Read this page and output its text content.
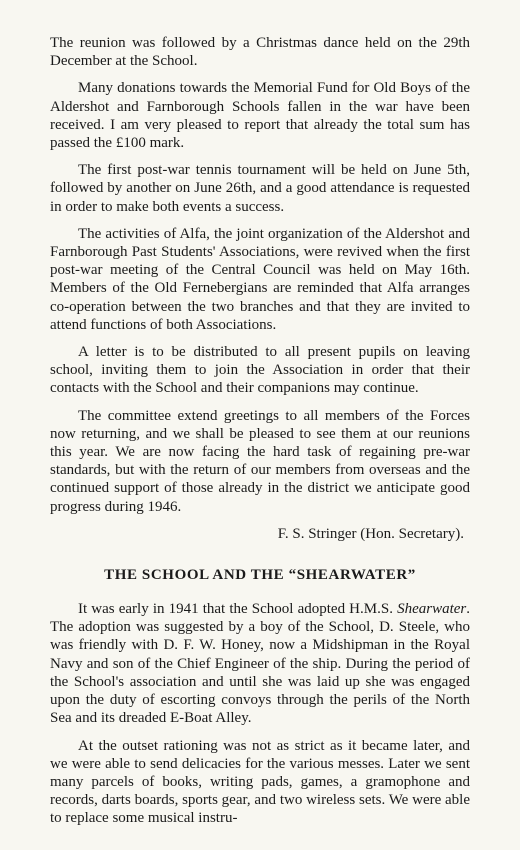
The reunion was followed by a Christmas dance held on the 29th December at the School.

Many donations towards the Memorial Fund for Old Boys of the Aldershot and Farnborough Schools fallen in the war have been received. I am very pleased to report that already the total sum has passed the £100 mark.

The first post-war tennis tournament will be held on June 5th, followed by another on June 26th, and a good attendance is requested in order to make both events a success.

The activities of Alfa, the joint organization of the Aldershot and Farnborough Past Students' Associations, were revived when the first post-war meeting of the Central Council was held on May 16th. Members of the Old Fernebergians are reminded that Alfa arranges co-operation between the two branches and that they are invited to attend functions of both Associations.

A letter is to be distributed to all present pupils on leaving school, inviting them to join the Association in order that their contacts with the School and their companions may continue.

The committee extend greetings to all members of the Forces now returning, and we shall be pleased to see them at our reunions this year. We are now facing the hard task of regaining pre-war standards, but with the return of our members from overseas and the continued support of those already in the district we anticipate good progress during 1946.

F. S. Stringer (Hon. Secretary).

THE SCHOOL AND THE “SHEARWATER”

It was early in 1941 that the School adopted H.M.S. Shearwater. The adoption was suggested by a boy of the School, D. Steele, who was friendly with D. F. W. Honey, now a Midshipman in the Royal Navy and son of the Chief Engineer of the ship. During the period of the School's association and until she was laid up she was engaged upon the duty of escorting convoys through the perils of the North Sea and its dreaded E-Boat Alley.

At the outset rationing was not as strict as it became later, and we were able to send delicacies for the various messes. Later we sent many parcels of books, writing pads, games, a gramophone and records, darts boards, sports gear, and two wireless sets. We were able to replace some musical instru-
